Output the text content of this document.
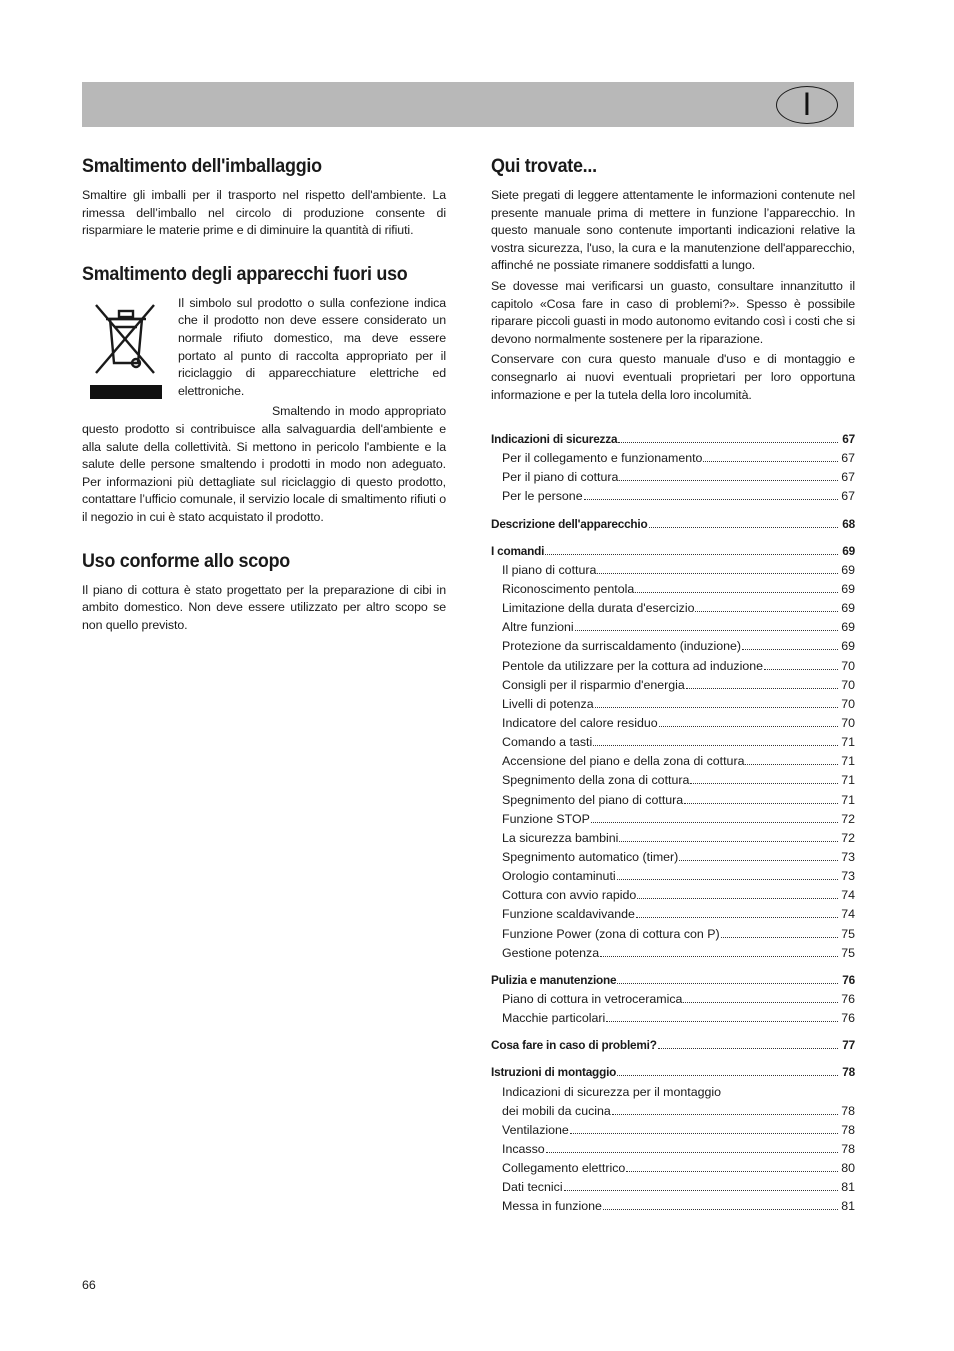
I
Smaltimento dell'imballaggio

Smaltire gli imballi per il trasporto nel rispetto dell'ambiente. La rimessa dell’imballo nel circolo di produzione consente di risparmiare le materie prime e di diminuire la quantità di rifiuti.

Smaltimento degli apparecchi fuori uso

Il simbolo sul prodotto o sulla confezione indica che il prodotto non deve essere considerato un normale rifiuto domestico, ma deve essere portato al punto di raccolta appropriato per il riciclaggio di apparecchiature elettriche ed elettroniche.

Smaltendo in modo appropriato questo prodotto si contribuisce alla salvaguardia dell'ambiente e alla salute della collettività. Si mettono in pericolo l'ambiente e la salute delle persone smaltendo i prodotti in modo non adeguato. Per informazioni più dettagliate sul riciclaggio di questo prodotto, contattare l’ufficio comunale, il servizio locale di smaltimento rifiuti o il negozio in cui è stato acquistato il prodotto.

Uso conforme allo scopo

Il piano di cottura è stato progettato per la preparazione di cibi in ambito domestico. Non deve essere utilizzato per altro scopo se non quello previsto.

Qui trovate...

Siete pregati di leggere attentamente le informazioni contenute nel presente manuale prima di mettere in funzione l’apparecchio. In questo manuale sono contenute importanti indicazioni relative la vostra sicurezza, l'uso, la cura e la manutenzione dell'apparecchio, affinché ne possiate rimanere soddisfatti a lungo.

Se dovesse mai verificarsi un guasto, consultare innanzitutto il capitolo «Cosa fare in caso di problemi?». Spesso è possibile riparare piccoli guasti in modo autonomo evitando così i costi che si devono normalmente sostenere per la riparazione.

Conservare con cura questo manuale d'uso e di montaggio e consegnarlo ai nuovi eventuali proprietari per loro opportuna informazione e per la tutela della loro incolumità.

Indicazioni di sicurezza	67
Per il collegamento e funzionamento	67
Per il piano di cottura	67
Per le persone	67
Descrizione dell'apparecchio	68
I comandi	69
Il piano di cottura	69
Riconoscimento pentola	69
Limitazione della durata d'esercizio	69
Altre funzioni	69
Protezione da surriscaldamento (induzione)	69
Pentole da utilizzare per la cottura ad induzione	70
Consigli per il risparmio d'energia	70
Livelli di potenza	70
Indicatore del calore residuo	70
Comando a tasti	71
Accensione del piano e della zona di cottura	71
Spegnimento della zona di cottura	71
Spegnimento del piano di cottura	71
Funzione STOP	72
La sicurezza bambini	72
Spegnimento automatico (timer)	73
Orologio contaminuti	73
Cottura con avvio rapido	74
Funzione scaldavivande	74
Funzione Power (zona di cottura con P)	75
Gestione potenza	75
Pulizia e manutenzione	76
Piano di cottura in vetroceramica	76
Macchie particolari	76
Cosa fare in caso di problemi?	77
Istruzioni di montaggio	78
Indicazioni di sicurezza per il montaggio
dei mobili da cucina	78
Ventilazione	78
Incasso	78
Collegamento elettrico	80
Dati tecnici	81
Messa in funzione	81
66
